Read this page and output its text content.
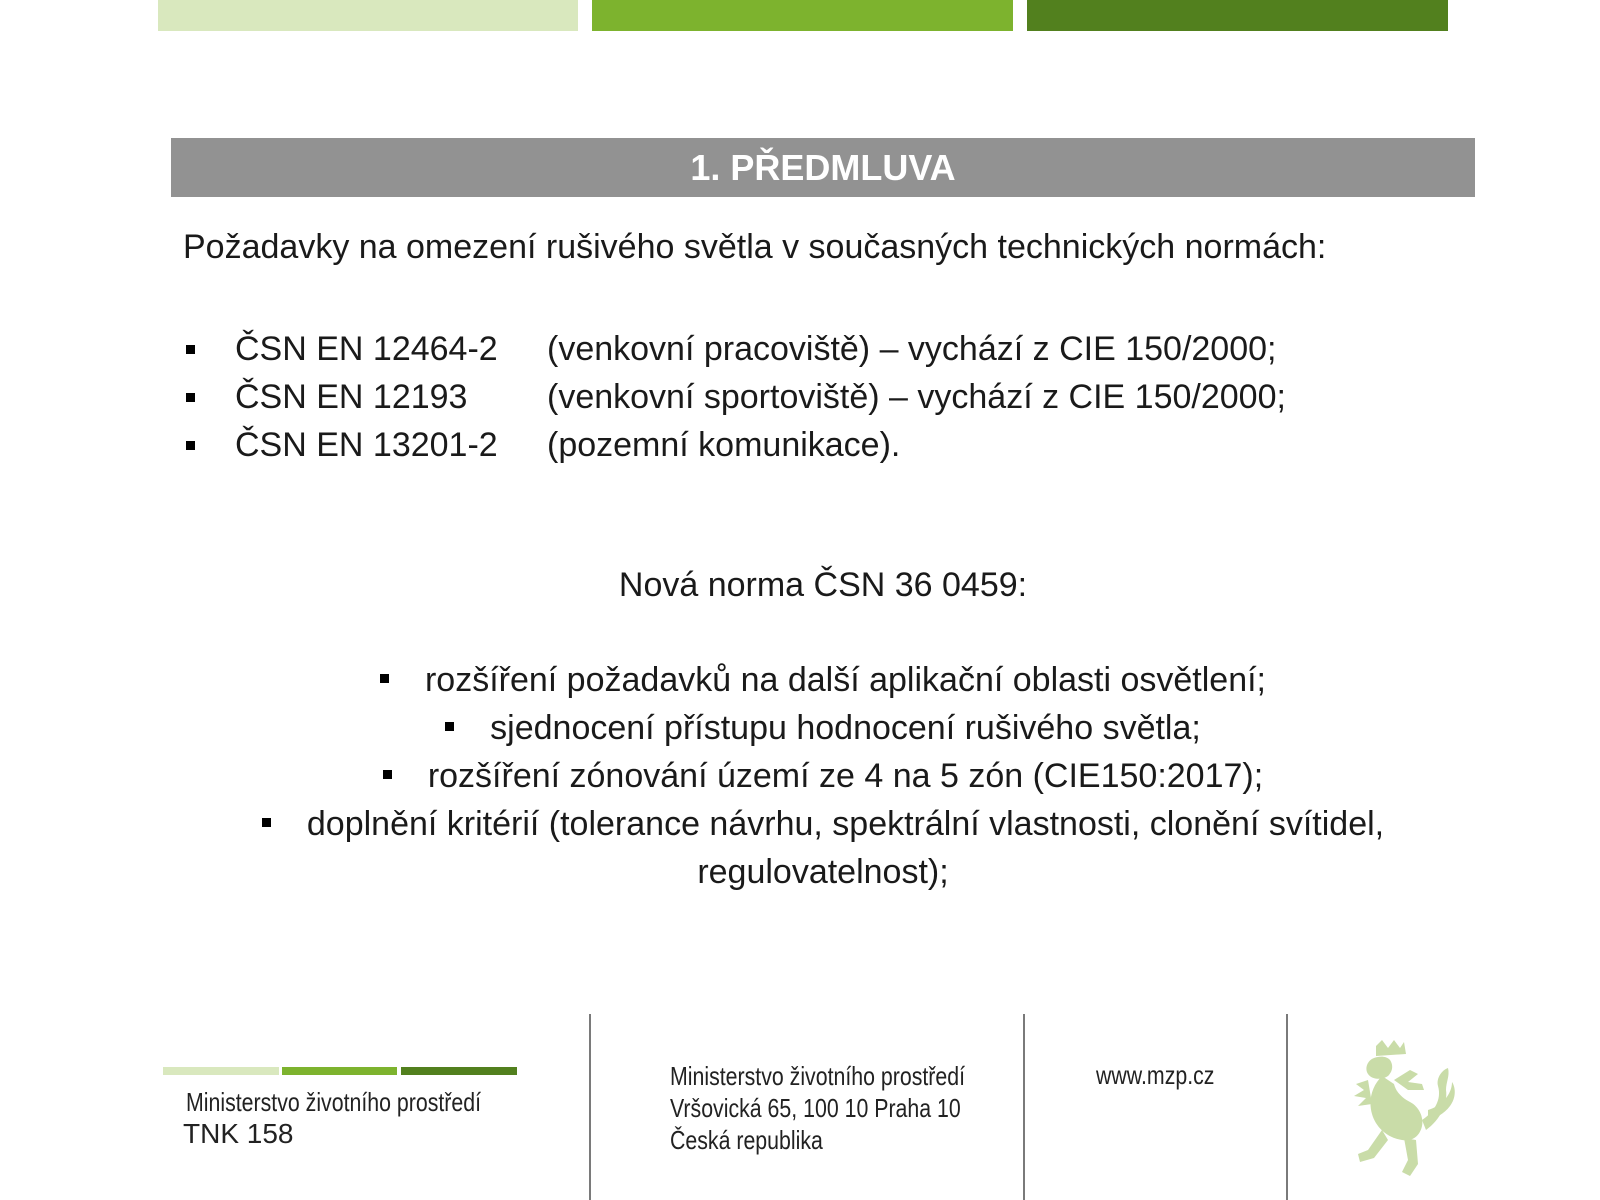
1. PŘEDMLUVA
Požadavky na omezení rušivého světla v současných technických normách:
ČSN EN 12464-2	(venkovní pracoviště) – vychází z CIE 150/2000;
ČSN EN 12193	(venkovní sportoviště) – vychází z CIE 150/2000;
ČSN EN 13201-2	(pozemní komunikace).
Nová norma ČSN 36 0459:
rozšíření požadavků na další aplikační oblasti osvětlení;
sjednocení přístupu hodnocení rušivého světla;
rozšíření zónování území ze 4 na 5 zón (CIE150:2017);
doplnění kritérií (tolerance návrhu, spektrální vlastnosti, clonění svítidel, regulovatelnost);
Ministerstvo životního prostředí
TNK 158
Ministerstvo životního prostředí
Vršovická 65, 100 10 Praha 10
Česká republika
www.mzp.cz
